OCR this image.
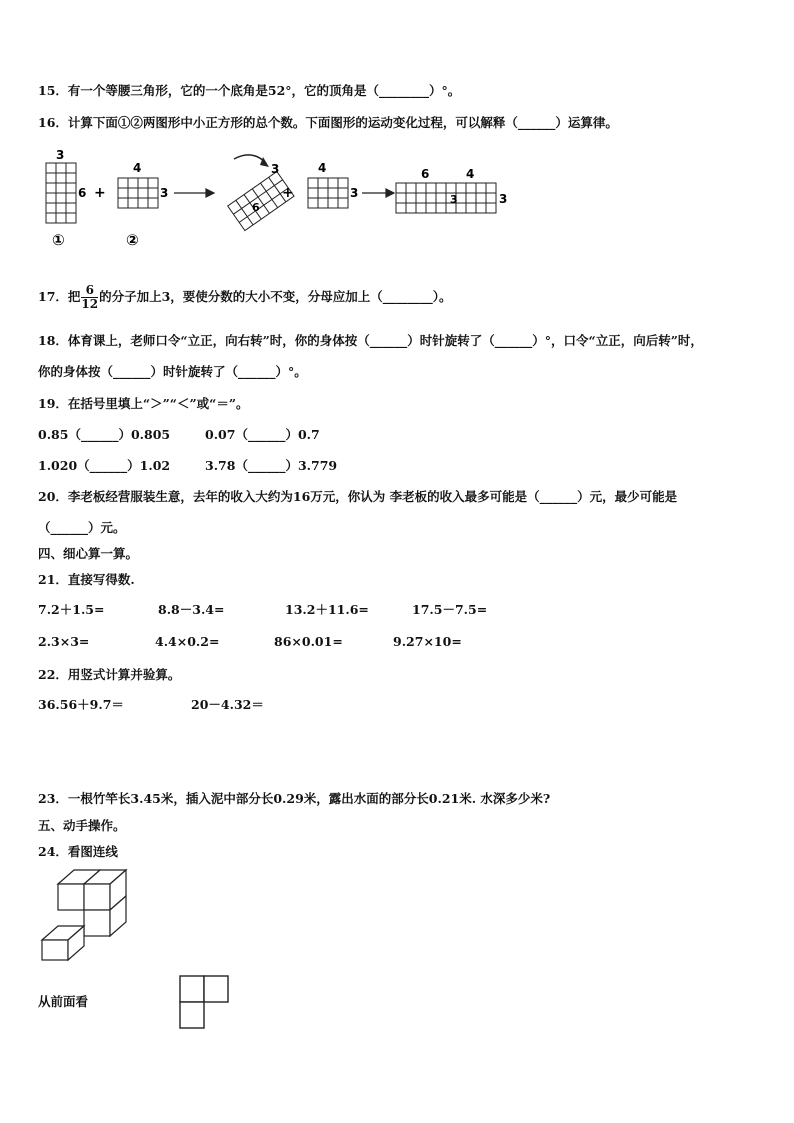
15．有一个等腰三角形，它的一个底角是52°，它的顶角是（________）°。
16．计算下面①②两图形中小正方形的总个数。下面图形的运动变化过程，可以解释（______）运算律。
3
6 +
4
3
3
6
+
4
3
6	4
3	3
①	②
17．把 $\frac{6}{12}$ 的分子加上3，要使分数的大小不变，分母应加上（________）。
18．体育课上，老师口令“立正，向右转”时，你的身体按（______）时针旋转了（______）°，口令“立正，向后转”时，
你的身体按（______）时针旋转了（______）°。
19．在括号里填上“＞”“＜”或“＝”。
0.85（______）0.805	0.07（______）0.7
1.020（______）1.02	3.78（______）3.779
20．李老板经营服装生意，去年的收入大约为16万元，你认为 李老板的收入最多可能是（______）元，最少可能是
（______）元。
四、细心算一算。
21．直接写得数.
7.2＋1.5=	8.8－3.4=	13.2＋11.6=	17.5－7.5=
2.3×3=	4.4×0.2=	86×0.01=	9.27×10=
22．用竖式计算并验算。
36.56＋9.7＝	20－4.32＝
23．一根竹竿长3.45米，插入泥中部分长0.29米，露出水面的部分长0.21米. 水深多少米?
五、动手操作。
24．看图连线
从前面看
